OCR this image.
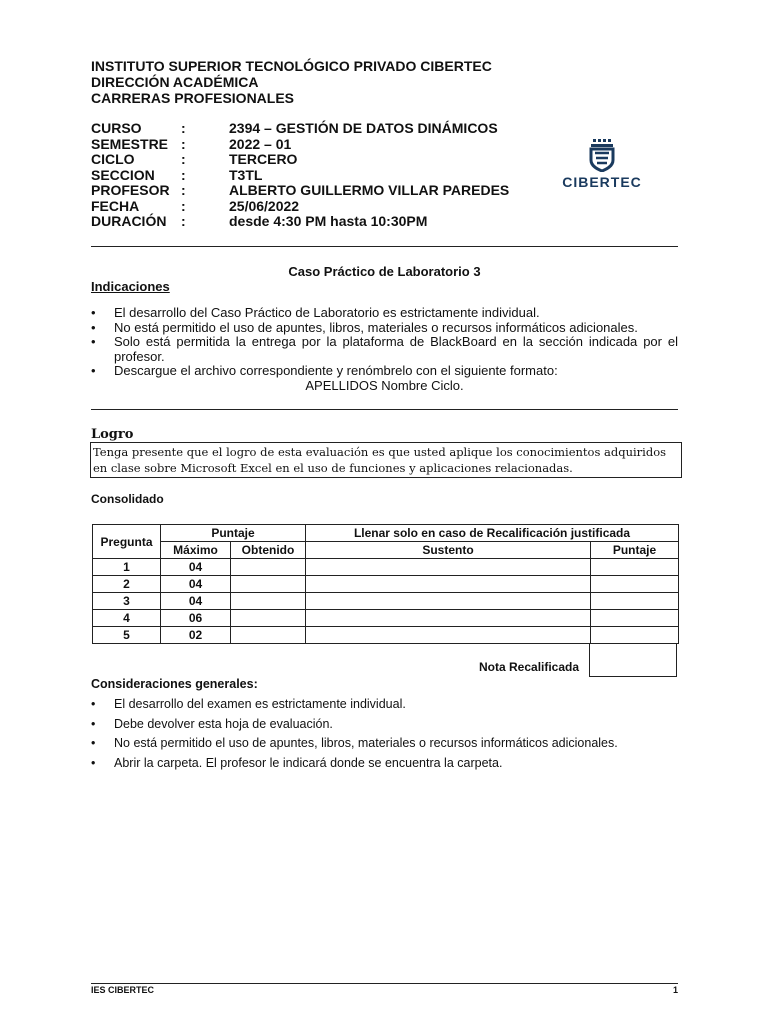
INSTITUTO SUPERIOR TECNOLÓGICO PRIVADO CIBERTEC
DIRECCIÓN ACADÉMICA
CARRERAS PROFESIONALES
CURSO	:	2394 – GESTIÓN DE DATOS DINÁMICOS
SEMESTRE :	2022 – 01
CICLO	:	TERCERO
SECCION :	T3TL
PROFESOR :	ALBERTO GUILLERMO VILLAR PAREDES
FECHA	:	25/06/2022
DURACIÓN :	desde 4:30 PM hasta 10:30PM
CIBERTEC
Caso Práctico de Laboratorio 3
Indicaciones
• El desarrollo del Caso Práctico de Laboratorio es estrictamente individual.
• No está permitido el uso de apuntes, libros, materiales o recursos informáticos adicionales.
• Solo está permitida la entrega por la plataforma de BlackBoard en la sección indicada por el profesor.
• Descargue el archivo correspondiente y renómbrelo con el siguiente formato:
APELLIDOS Nombre Ciclo.
Logro
Tenga presente que el logro de esta evaluación es que usted aplique los conocimientos adquiridos en clase sobre Microsoft Excel en el uso de funciones y aplicaciones relacionadas.
Consolidado
Pregunta	Puntaje		Llenar solo en caso de Recalificación justificada	
	Máximo	Obtenido	Sustento	Puntaje
1	04			
2	04			
3	04			
4	06			
5	02			
Nota Recalificada
Consideraciones generales:
• El desarrollo del examen es estrictamente individual.
• Debe devolver esta hoja de evaluación.
• No está permitido el uso de apuntes, libros, materiales o recursos informáticos adicionales.
• Abrir la carpeta. El profesor le indicará donde se encuentra la carpeta.
IES CIBERTEC	1
